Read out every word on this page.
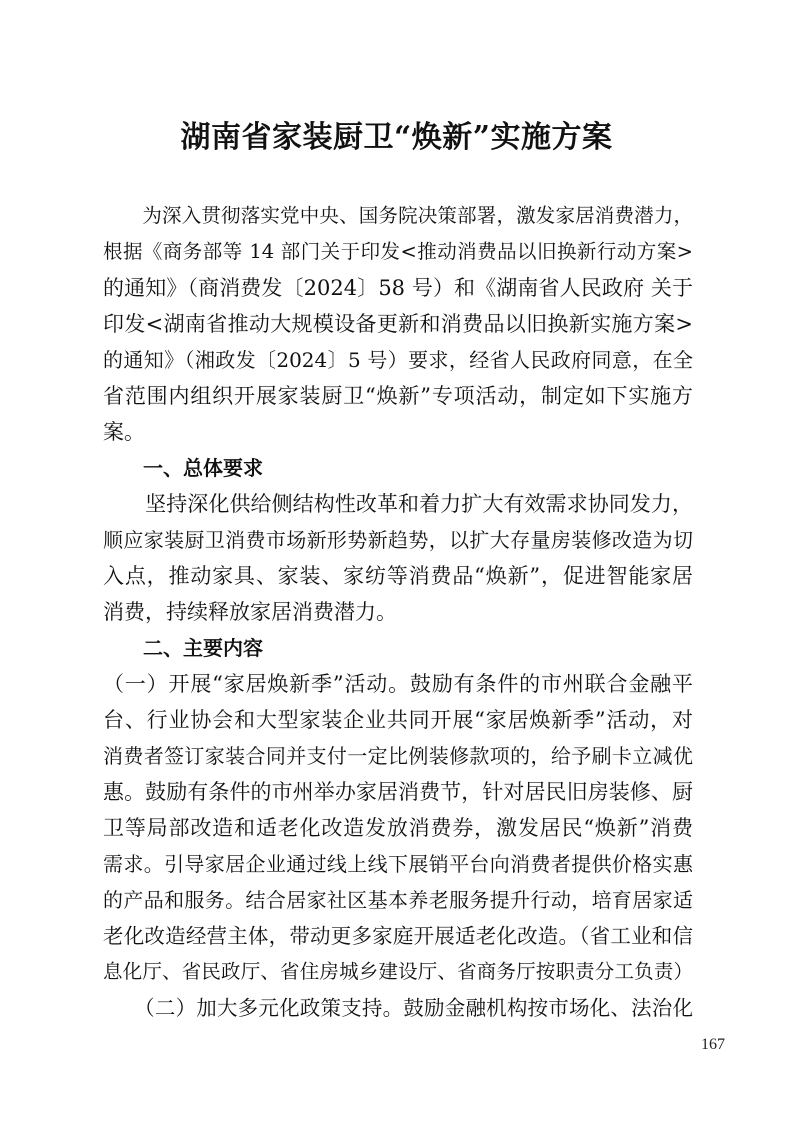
湖南省家装厨卫“焕新”实施方案
　　为深入贯彻落实党中央、国务院决策部署，激发家居消费潜力，
根据《商务部等 14 部门关于印发<推动消费品以旧换新行动方案>
的通知》（商消费发〔2024〕58 号）和《湖南省人民政府 关于
印发<湖南省推动大规模设备更新和消费品以旧换新实施方案>
的通知》（湘政发〔2024〕5 号）要求，经省人民政府同意，在全
省范围内组织开展家装厨卫“焕新”专项活动，制定如下实施方
案。
　　一、总体要求
　　坚持深化供给侧结构性改革和着力扩大有效需求协同发力，
顺应家装厨卫消费市场新形势新趋势，以扩大存量房装修改造为切
入点，推动家具、家装、家纺等消费品“焕新”，促进智能家居
消费，持续释放家居消费潜力。
　　二、主要内容
（一）开展“家居焕新季”活动。鼓励有条件的市州联合金融平
台、行业协会和大型家装企业共同开展“家居焕新季”活动，对
消费者签订家装合同并支付一定比例装修款项的，给予刷卡立减优
惠。鼓励有条件的市州举办家居消费节，针对居民旧房装修、厨
卫等局部改造和适老化改造发放消费券，激发居民“焕新”消费
需求。引导家居企业通过线上线下展销平台向消费者提供价格实惠
的产品和服务。结合居家社区基本养老服务提升行动，培育居家适
老化改造经营主体，带动更多家庭开展适老化改造。（省工业和信
息化厅、省民政厅、省住房城乡建设厅、省商务厅按职责分工负责）
　　（二）加大多元化政策支持。鼓励金融机构按市场化、法治化
167
